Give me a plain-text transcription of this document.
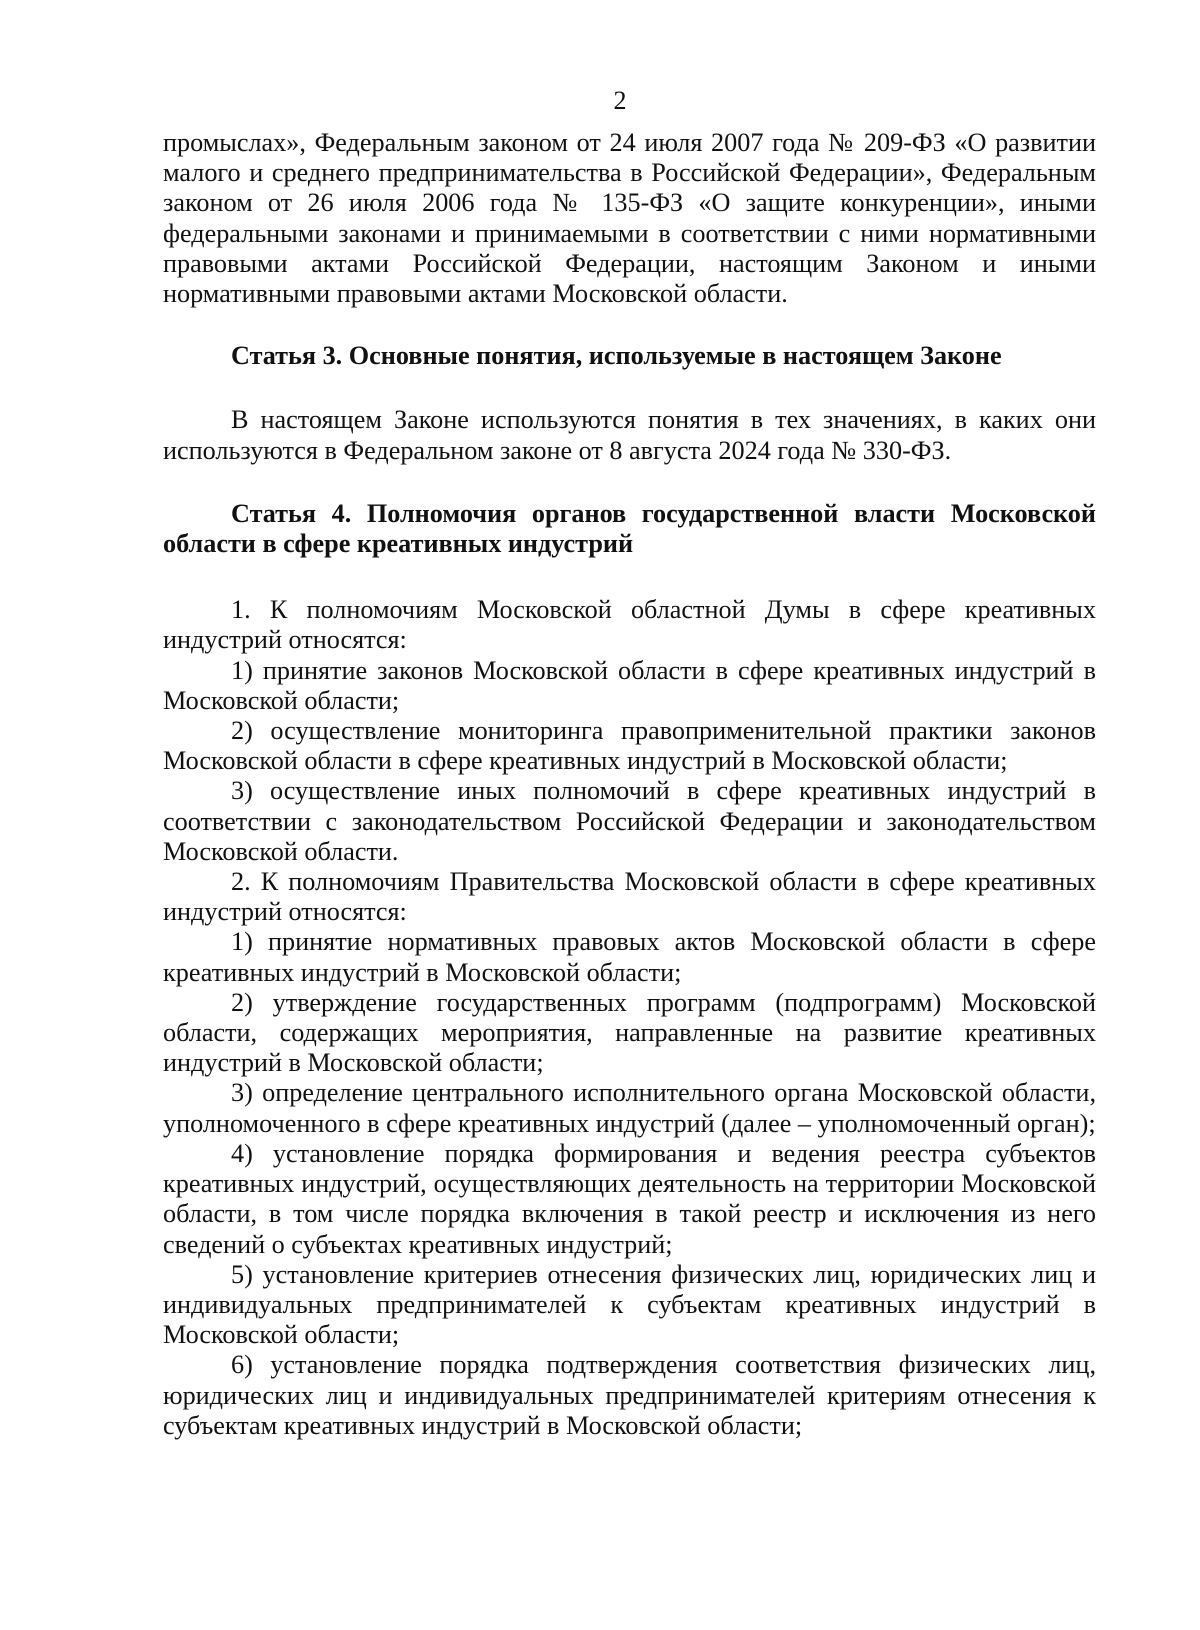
2

промыслах», Федеральным законом от 24 июля 2007 года № 209-ФЗ «О развитии малого и среднего предпринимательства в Российской Федерации», Федеральным законом от 26 июля 2006 года № 135-ФЗ «О защите конкуренции», иными федеральными законами и принимаемыми в соответствии с ними нормативными правовыми актами Российской Федерации, настоящим Законом и иными нормативными правовыми актами Московской области.

Статья 3. Основные понятия, используемые в настоящем Законе

В настоящем Законе используются понятия в тех значениях, в каких они используются в Федеральном законе от 8 августа 2024 года № 330-ФЗ.

Статья 4. Полномочия органов государственной власти Московской области в сфере креативных индустрий

1. К полномочиям Московской областной Думы в сфере креативных индустрий относятся:

1) принятие законов Московской области в сфере креативных индустрий в Московской области;

2) осуществление мониторинга правоприменительной практики законов Московской области в сфере креативных индустрий в Московской области;

3) осуществление иных полномочий в сфере креативных индустрий в соответствии с законодательством Российской Федерации и законодательством Московской области.

2. К полномочиям Правительства Московской области в сфере креативных индустрий относятся:

1) принятие нормативных правовых актов Московской области в сфере креативных индустрий в Московской области;

2) утверждение государственных программ (подпрограмм) Московской области, содержащих мероприятия, направленные на развитие креативных индустрий в Московской области;

3) определение центрального исполнительного органа Московской области, уполномоченного в сфере креативных индустрий (далее – уполномоченный орган);

4) установление порядка формирования и ведения реестра субъектов креативных индустрий, осуществляющих деятельность на территории Московской области, в том числе порядка включения в такой реестр и исключения из него сведений о субъектах креативных индустрий;

5) установление критериев отнесения физических лиц, юридических лиц и индивидуальных предпринимателей к субъектам креативных индустрий в Московской области;

6) установление порядка подтверждения соответствия физических лиц, юридических лиц и индивидуальных предпринимателей критериям отнесения к субъектам креативных индустрий в Московской области;
